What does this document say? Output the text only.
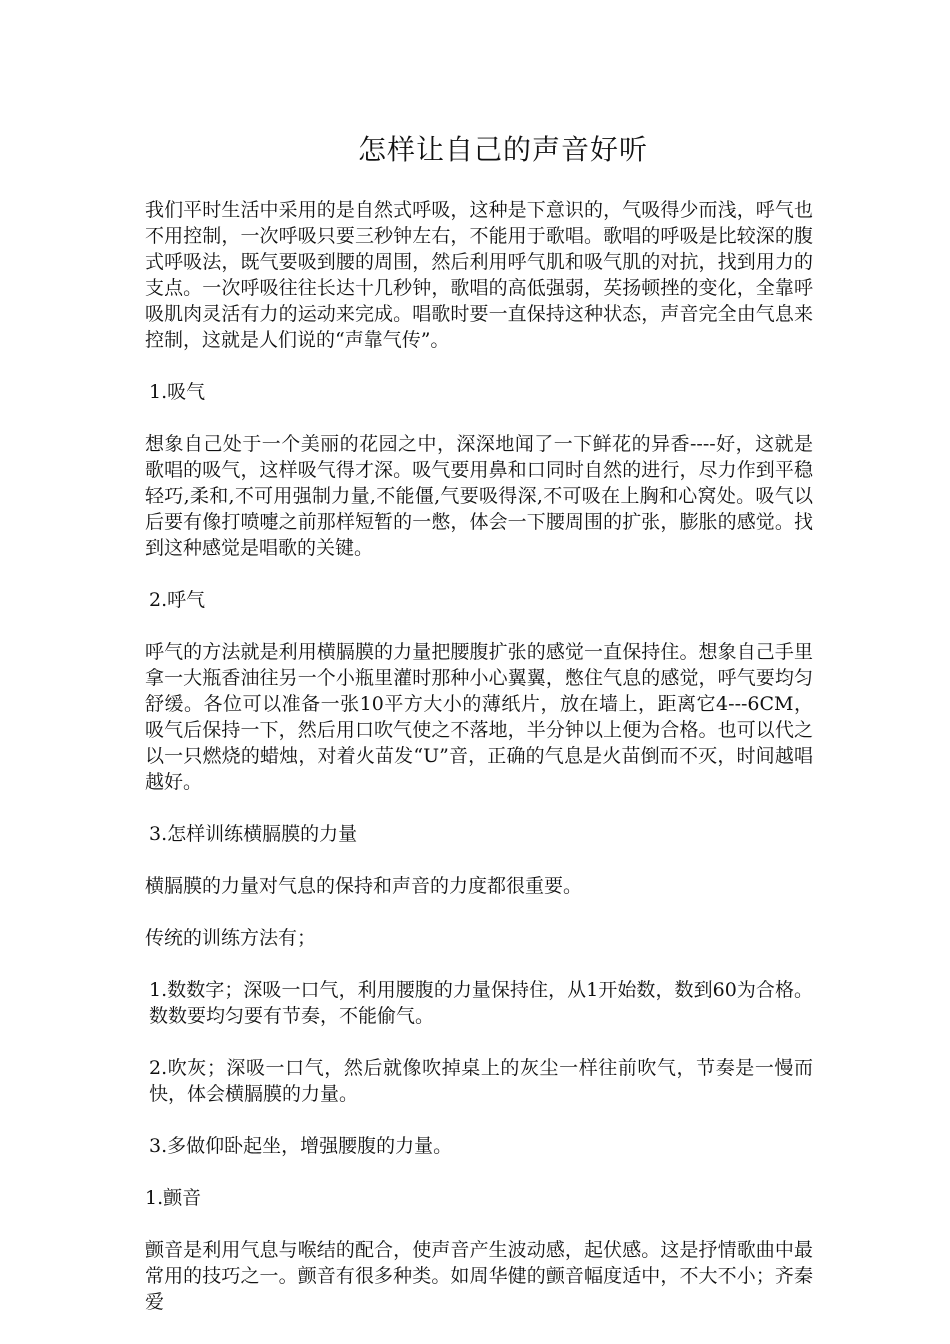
怎样让自己的声音好听

我们平时生活中采用的是自然式呼吸，这种是下意识的，气吸得少而浅，呼气也不用控制，一次呼吸只要三秒钟左右，不能用于歌唱。歌唱的呼吸是比较深的腹式呼吸法，既气要吸到腰的周围，然后利用呼气肌和吸气肌的对抗，找到用力的支点。一次呼吸往往长达十几秒钟，歌唱的高低强弱，䒨扬顿挫的变化，全靠呼吸肌肉灵活有力的运动来完成。唱歌时要一直保持这种状态，声音完全由气息来控制，这就是人们说的“声靠气传”。

1.吸气

想象自己处于一个美丽的花园之中，深深地闻了一下鲜花的异香----好，这就是歌唱的吸气，这样吸气得才深。吸气要用鼻和口同时自然的进行，尽力作到平稳轻巧,柔和,不可用强制力量,不能僵,气要吸得深,不可吸在上胸和心窝处。吸气以后要有像打喷嚏之前那样短暂的一憋，体会一下腰周围的扩张，膨胀的感觉。找到这种感觉是唱歌的关键。

2.呼气

呼气的方法就是利用横膈膜的力量把腰腹扩张的感觉一直保持住。想象自己手里拿一大瓶香油往另一个小瓶里灌时那种小心翼翼，憋住气息的感觉，呼气要均匀舒缓。各位可以准备一张10平方大小的薄纸片，放在墙上，距离它4---6CM，吸气后保持一下，然后用口吹气使之不落地，半分钟以上便为合格。也可以代之以一只燃烧的蜡烛，对着火苗发“U”音，正确的气息是火苗倒而不灭，时间越唱越好。

3.怎样训练横膈膜的力量

横膈膜的力量对气息的保持和声音的力度都很重要。

传统的训练方法有；

1.数数字；深吸一口气，利用腰腹的力量保持住，从1开始数，数到60为合格。数数要均匀要有节奏，不能偷气。

2.吹灰；深吸一口气，然后就像吹掉桌上的灰尘一样往前吹气，节奏是一慢而快，体会横膈膜的力量。

3.多做仰卧起坐，增强腰腹的力量。

1.颤音

颤音是利用气息与喉结的配合，使声音产生波动感，起伏感。这是抒情歌曲中最常用的技巧之一。颤音有很多种类。如周华健的颤音幅度适中，不大不小；齐秦爱
